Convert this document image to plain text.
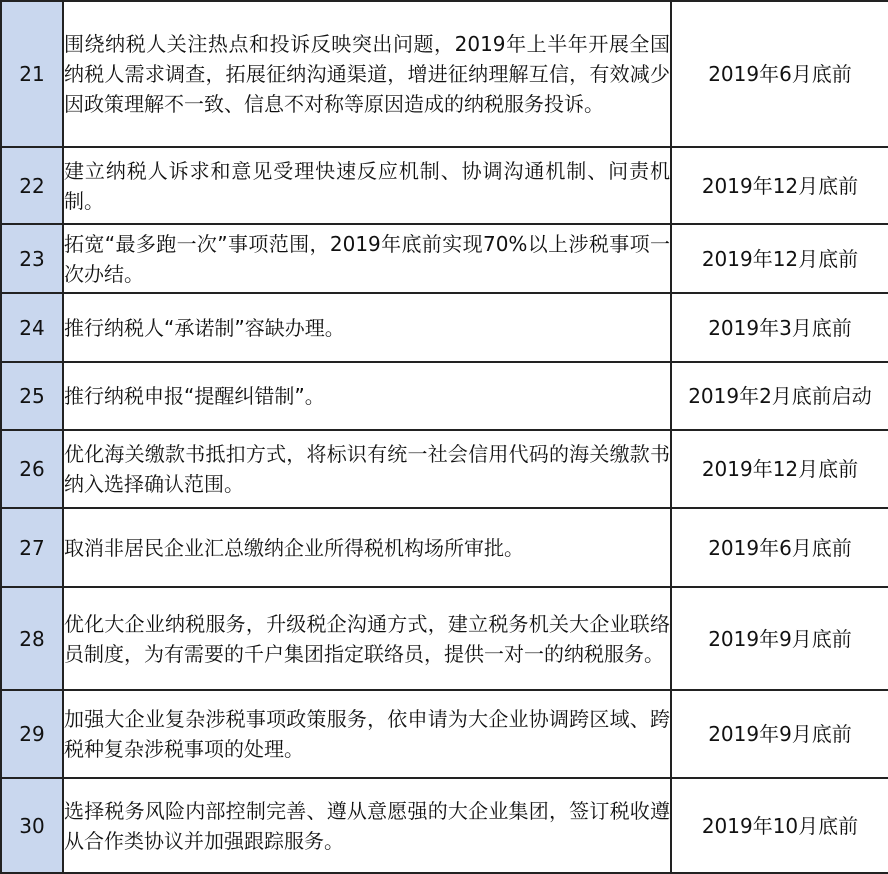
21	围绕纳税人关注热点和投诉反映突出问题，2019年上半年开展全国纳税人需求调查，拓展征纳沟通渠道，增进征纳理解互信，有效减少因政策理解不一致、信息不对称等原因造成的纳税服务投诉。	2019年6月底前
22	建立纳税人诉求和意见受理快速反应机制、协调沟通机制、问责机制。	2019年12月底前
23	拓宽“最多跑一次”事项范围，2019年底前实现70%以上涉税事项一次办结。	2019年12月底前
24	推行纳税人“承诺制”容缺办理。	2019年3月底前
25	推行纳税申报“提醒纠错制”。	2019年2月底前启动
26	优化海关缴款书抵扣方式，将标识有统一社会信用代码的海关缴款书纳入选择确认范围。	2019年12月底前
27	取消非居民企业汇总缴纳企业所得税机构场所审批。	2019年6月底前
28	优化大企业纳税服务，升级税企沟通方式，建立税务机关大企业联络员制度，为有需要的千户集团指定联络员，提供一对一的纳税服务。	2019年9月底前
29	加强大企业复杂涉税事项政策服务，依申请为大企业协调跨区域、跨税种复杂涉税事项的处理。	2019年9月底前
30	选择税务风险内部控制完善、遵从意愿强的大企业集团，签订税收遵从合作类协议并加强跟踪服务。	2019年10月底前
